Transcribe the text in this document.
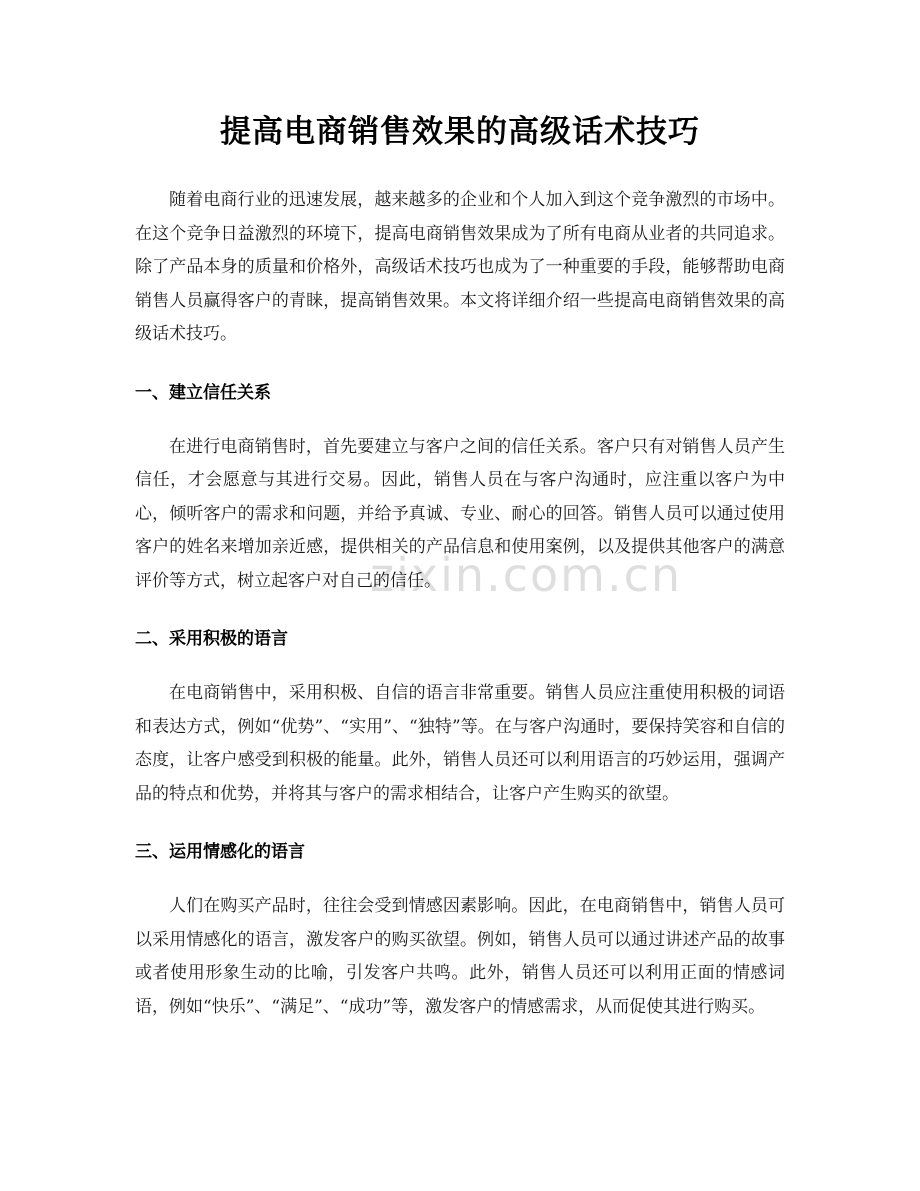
提高电商销售效果的高级话术技巧

随着电商行业的迅速发展，越来越多的企业和个人加入到这个竞争激烈的市场中。在这个竞争日益激烈的环境下，提高电商销售效果成为了所有电商从业者的共同追求。除了产品本身的质量和价格外，高级话术技巧也成为了一种重要的手段，能够帮助电商销售人员赢得客户的青睐，提高销售效果。本文将详细介绍一些提高电商销售效果的高级话术技巧。

一、建立信任关系

在进行电商销售时，首先要建立与客户之间的信任关系。客户只有对销售人员产生信任，才会愿意与其进行交易。因此，销售人员在与客户沟通时，应注重以客户为中心，倾听客户的需求和问题，并给予真诚、专业、耐心的回答。销售人员可以通过使用客户的姓名来增加亲近感，提供相关的产品信息和使用案例，以及提供其他客户的满意评价等方式，树立起客户对自己的信任。

二、采用积极的语言

在电商销售中，采用积极、自信的语言非常重要。销售人员应注重使用积极的词语和表达方式，例如“优势”、“实用”、“独特”等。在与客户沟通时，要保持笑容和自信的态度，让客户感受到积极的能量。此外，销售人员还可以利用语言的巧妙运用，强调产品的特点和优势，并将其与客户的需求相结合，让客户产生购买的欲望。

三、运用情感化的语言

人们在购买产品时，往往会受到情感因素影响。因此，在电商销售中，销售人员可以采用情感化的语言，激发客户的购买欲望。例如，销售人员可以通过讲述产品的故事或者使用形象生动的比喻，引发客户共鸣。此外，销售人员还可以利用正面的情感词语，例如“快乐”、“满足”、“成功”等，激发客户的情感需求，从而促使其进行购买。

zixin.com.cn
